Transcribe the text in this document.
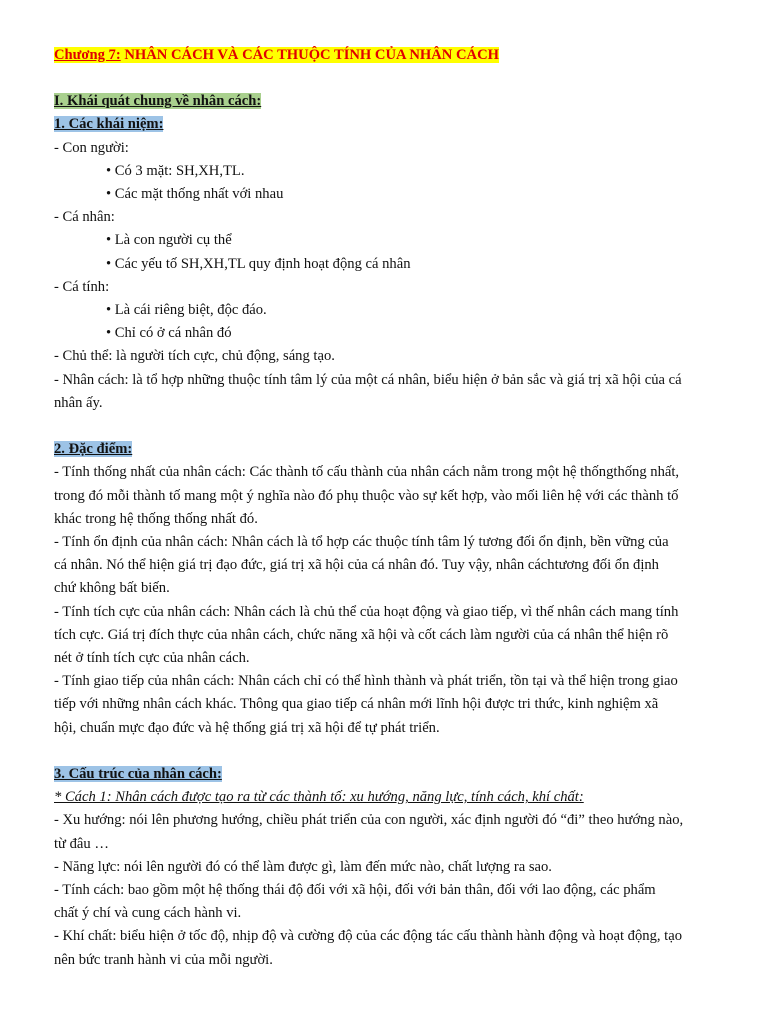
Chương 7: NHÂN CÁCH VÀ CÁC THUỘC TÍNH CỦA NHÂN CÁCH

I. Khái quát chung về nhân cách:

1. Các khái niệm:

- Con người:

• Có 3 mặt: SH,XH,TL.

• Các mặt thống nhất với nhau

- Cá nhân:

• Là con người cụ thể

• Các yếu tố SH,XH,TL quy định hoạt động cá nhân

- Cá tính:

• Là cái riêng biệt, độc đáo.

• Chỉ có ở cá nhân đó

- Chủ thể: là người tích cực, chủ động, sáng tạo.

- Nhân cách: là tổ hợp những thuộc tính tâm lý của một cá nhân, biểu hiện ở bản sắc và giá trị xã hội của cá

nhân ấy.

2. Đặc điểm:

- Tính thống nhất của nhân cách: Các thành tố cấu thành của nhân cách nằm trong một hệ thốngthống nhất,

trong đó mỗi thành tố mang một ý nghĩa nào đó phụ thuộc vào sự kết hợp, vào mối liên hệ với các thành tố

khác trong hệ thống thống nhất đó.

- Tính ổn định của nhân cách: Nhân cách là tổ hợp các thuộc tính tâm lý tương đối ổn định, bền vững của

cá nhân. Nó thể hiện giá trị đạo đức, giá trị xã hội của cá nhân đó. Tuy vậy, nhân cáchtương đối ổn định

chứ không bất biến.

- Tính tích cực của nhân cách: Nhân cách là chủ thể của hoạt động và giao tiếp, vì thế nhân cách mang tính

tích cực. Giá trị đích thực của nhân cách, chức năng xã hội và cốt cách làm người của cá nhân thể hiện rõ

nét ở tính tích cực của nhân cách.

- Tính giao tiếp của nhân cách: Nhân cách chỉ có thể hình thành và phát triển, tồn tại và thể hiện trong giao

tiếp với những nhân cách khác. Thông qua giao tiếp cá nhân mới lĩnh hội được tri thức, kinh nghiệm xã

hội, chuẩn mực đạo đức và hệ thống giá trị xã hội để tự phát triển.

3. Cấu trúc của nhân cách:

* Cách 1: Nhân cách được tạo ra từ các thành tố: xu hướng, năng lực, tính cách, khí chất:

- Xu hướng: nói lên phương hướng, chiều phát triển của con người, xác định người đó “đi” theo hướng nào,

từ đâu …

- Năng lực: nói lên người đó có thể làm được gì, làm đến mức nào, chất lượng ra sao.

- Tính cách: bao gồm một hệ thống thái độ đối với xã hội, đối với bản thân, đối với lao động, các phẩm

chất ý chí và cung cách hành vi.

- Khí chất: biểu hiện ở tốc độ, nhịp độ và cường độ của các động tác cấu thành hành động và hoạt động, tạo

nên bức tranh hành vi của mỗi người.
